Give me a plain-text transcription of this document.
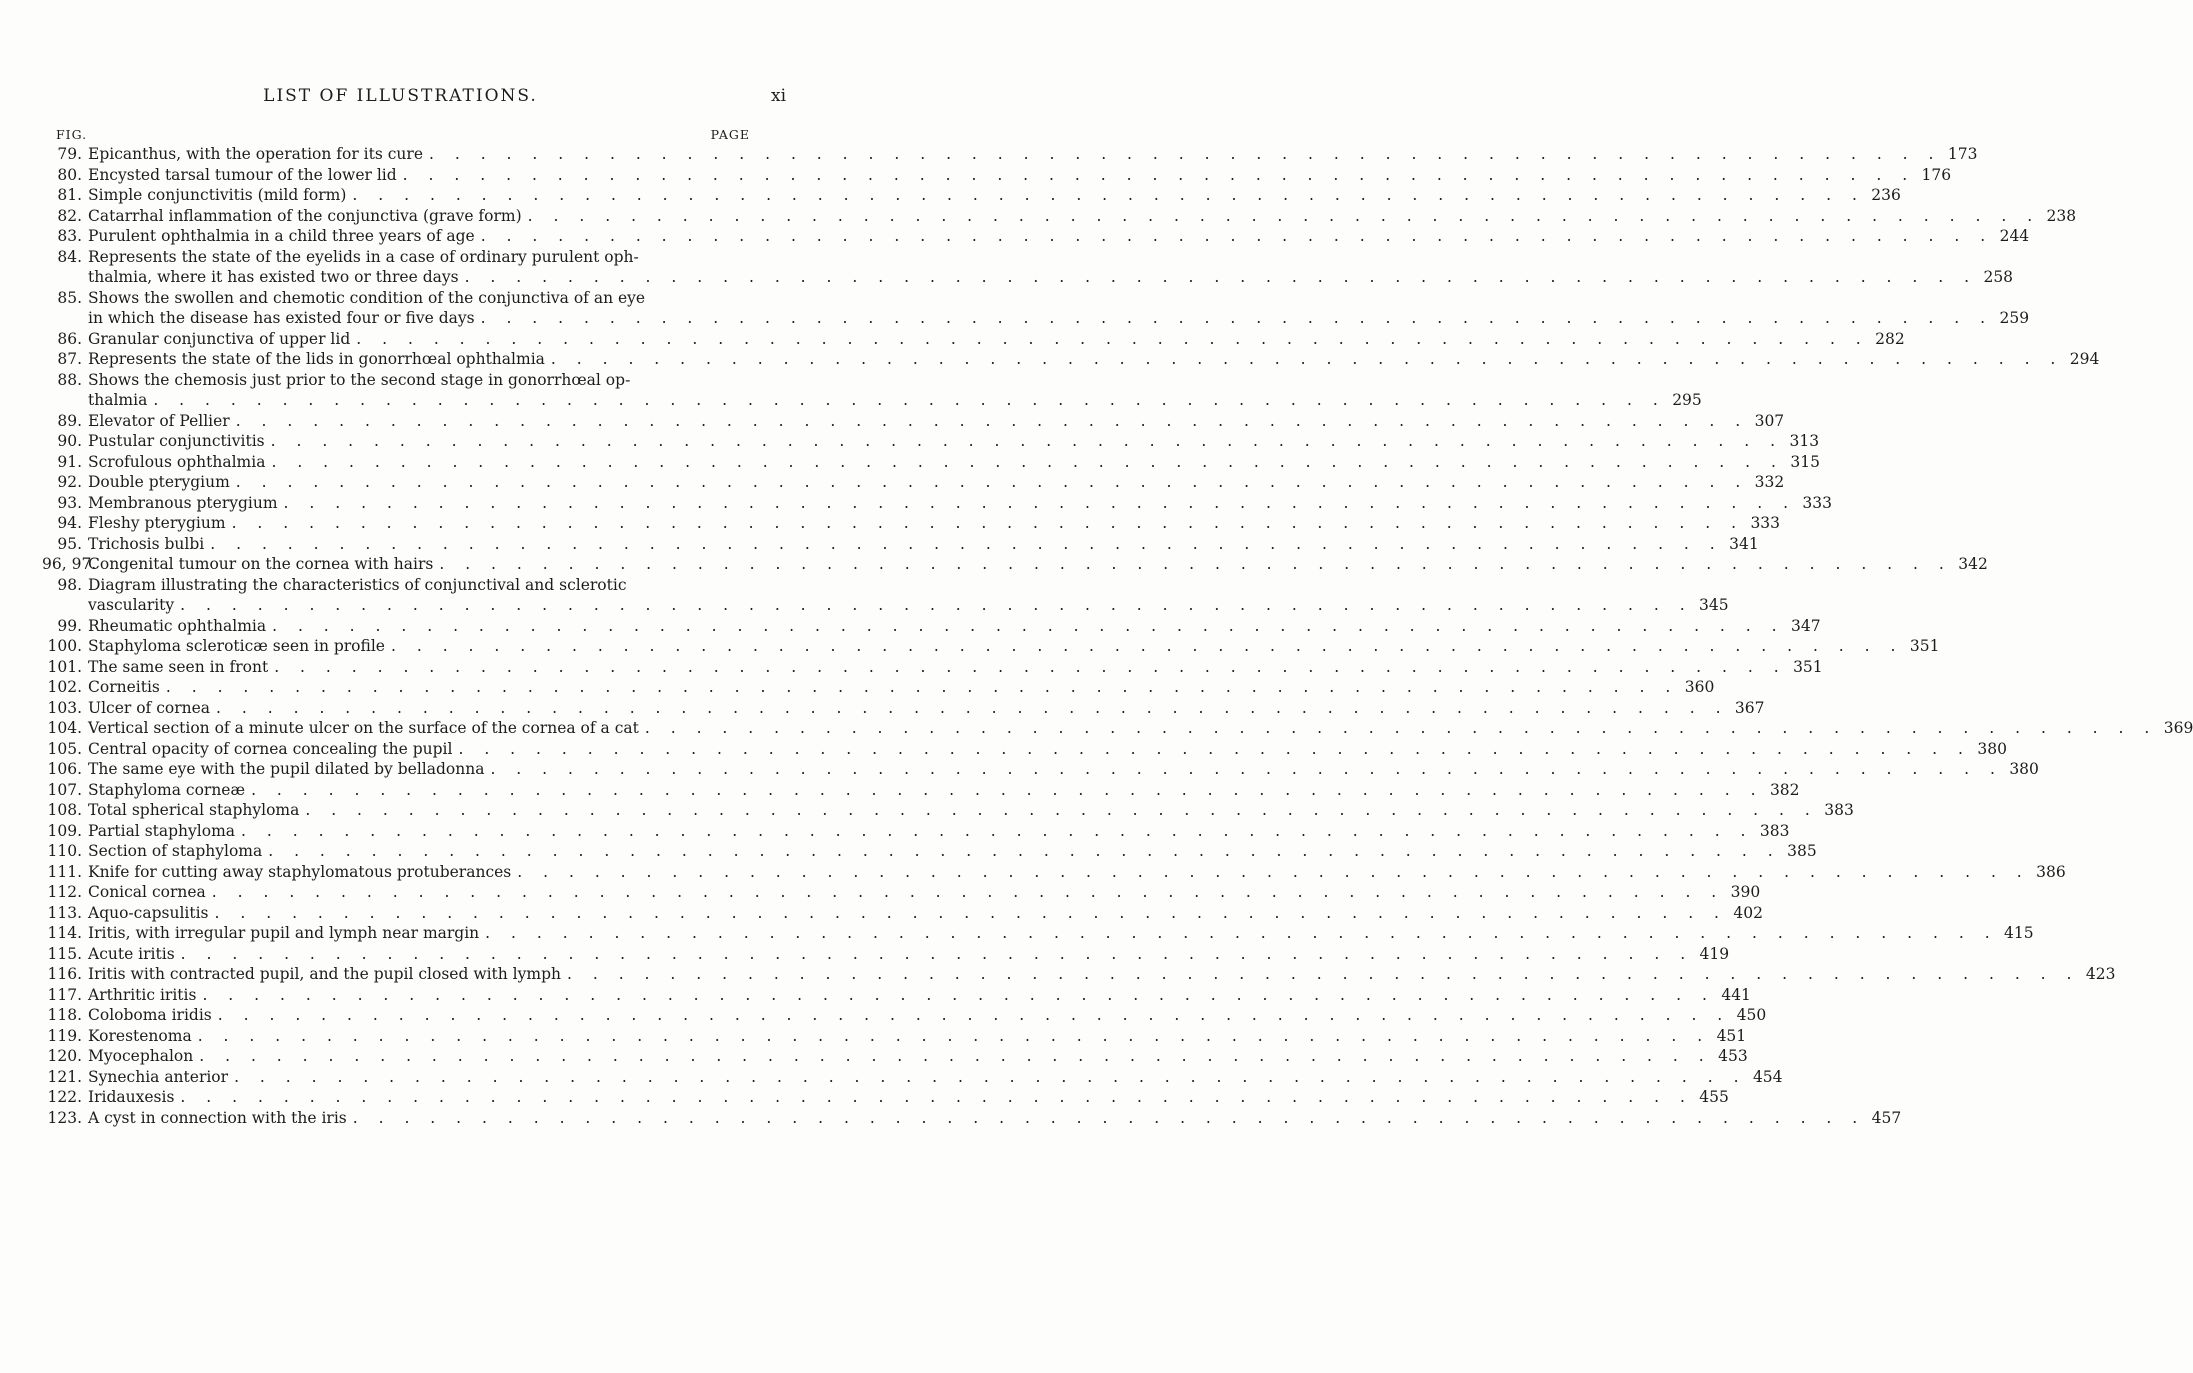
LIST OF ILLUSTRATIONS.	xi
FIG.	PAGE
79. Epicanthus, with the operation for its cure . . .	173
80. Encysted tarsal tumour of the lower lid . . .	176
81. Simple conjunctivitis (mild form) . . .	236
82. Catarrhal inflammation of the conjunctiva (grave form) . . .	238
83. Purulent ophthalmia in a child three years of age . . .	244
84. Represents the state of the eyelids in a case of ordinary purulent oph-
thalmia, where it has existed two or three days . . .	258
85. Shows the swollen and chemotic condition of the conjunctiva of an eye
in which the disease has existed four or five days . . .	259
86. Granular conjunctiva of upper lid . . .	282
87. Represents the state of the lids in gonorrhœal ophthalmia . . .	294
88. Shows the chemosis just prior to the second stage in gonorrhœal op-
thalmia . . .	295
89. Elevator of Pellier . . .	307
90. Pustular conjunctivitis . . .	313
91. Scrofulous ophthalmia . . .	315
92. Double pterygium . . .	332
93. Membranous pterygium . . .	333
94. Fleshy pterygium . . .	333
95. Trichosis bulbi . . .	341
96, 97.
Congenital tumour on the cornea with hairs . . .	342
98. Diagram illustrating the characteristics of conjunctival and sclerotic
vascularity . . .	345
99. Rheumatic ophthalmia . . .	347
100. Staphyloma scleroticæ seen in profile . . .	351
101. The same seen in front . . .	351
102. Corneitis . . .	360
103. Ulcer of cornea . . .	367
104. Vertical section of a minute ulcer on the surface of the cornea of a cat . . .	369
105. Central opacity of cornea concealing the pupil . . .	380
106. The same eye with the pupil dilated by belladonna . . .	380
107. Staphyloma corneæ . . .	382
108. Total spherical staphyloma . . .	383
109. Partial staphyloma . . .	383
110. Section of staphyloma . . .	385
111. Knife for cutting away staphylomatous protuberances . . .	386
112. Conical cornea . . .	390
113. Aquo-capsulitis . . .	402
114. Iritis, with irregular pupil and lymph near margin . . .	415
115. Acute iritis . . .	419
116. Iritis with contracted pupil, and the pupil closed with lymph . . .	423
117. Arthritic iritis . . .	441
118. Coloboma iridis . . .	450
119. Korestenoma . . .	451
120. Myocephalon . . .	453
121. Synechia anterior . . .	454
122. Iridauxesis . . .	455
123. A cyst in connection with the iris . . .	457
